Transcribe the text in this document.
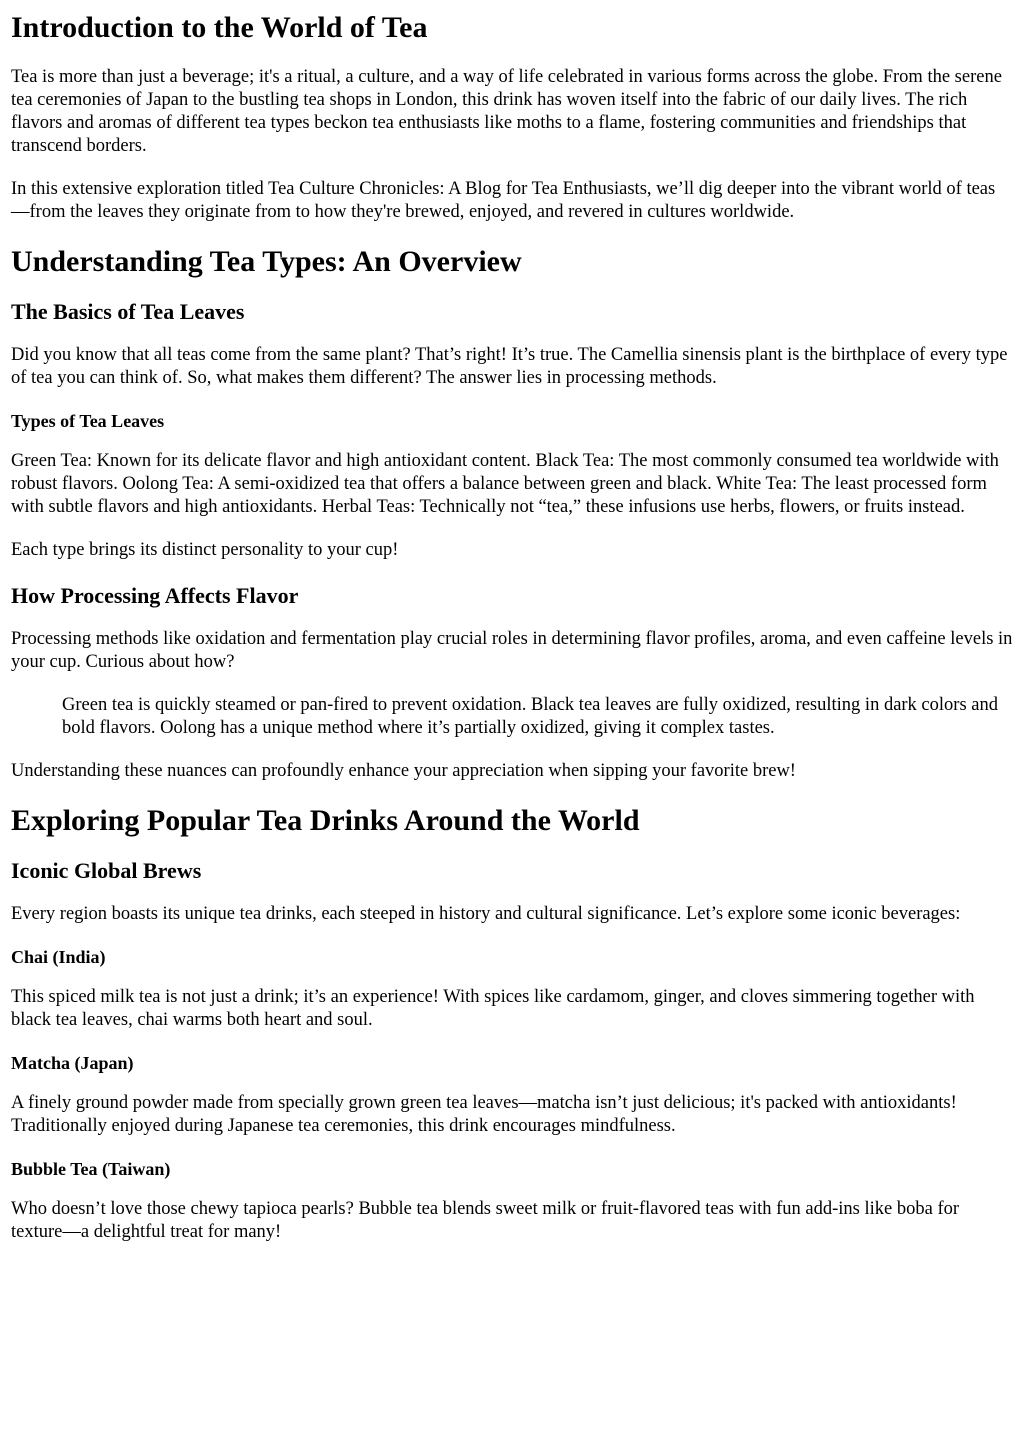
Introduction to the World of Tea

Tea is more than just a beverage; it's a ritual, a culture, and a way of life celebrated in various forms across the globe. From the serene tea ceremonies of Japan to the bustling tea shops in London, this drink has woven itself into the fabric of our daily lives. The rich flavors and aromas of different tea types beckon tea enthusiasts like moths to a flame, fostering communities and friendships that transcend borders.

In this extensive exploration titled Tea Culture Chronicles: A Blog for Tea Enthusiasts, we’ll dig deeper into the vibrant world of teas—from the leaves they originate from to how they're brewed, enjoyed, and revered in cultures worldwide.

Understanding Tea Types: An Overview
The Basics of Tea Leaves

Did you know that all teas come from the same plant? That’s right! It’s true. The Camellia sinensis plant is the birthplace of every type of tea you can think of. So, what makes them different? The answer lies in processing methods.

Types of Tea Leaves

Green Tea: Known for its delicate flavor and high antioxidant content. Black Tea: The most commonly consumed tea worldwide with robust flavors. Oolong Tea: A semi-oxidized tea that offers a balance between green and black. White Tea: The least processed form with subtle flavors and high antioxidants. Herbal Teas: Technically not “tea,” these infusions use herbs, flowers, or fruits instead.

Each type brings its distinct personality to your cup!

How Processing Affects Flavor

Processing methods like oxidation and fermentation play crucial roles in determining flavor profiles, aroma, and even caffeine levels in your cup. Curious about how?

Green tea is quickly steamed or pan-fired to prevent oxidation. Black tea leaves are fully oxidized, resulting in dark colors and bold flavors. Oolong has a unique method where it’s partially oxidized, giving it complex tastes.

Understanding these nuances can profoundly enhance your appreciation when sipping your favorite brew!

Exploring Popular Tea Drinks Around the World
Iconic Global Brews

Every region boasts its unique tea drinks, each steeped in history and cultural significance. Let’s explore some iconic beverages:

Chai (India)

This spiced milk tea is not just a drink; it’s an experience! With spices like cardamom, ginger, and cloves simmering together with black tea leaves, chai warms both heart and soul.

Matcha (Japan)

A finely ground powder made from specially grown green tea leaves—matcha isn’t just delicious; it's packed with antioxidants! Traditionally enjoyed during Japanese tea ceremonies, this drink encourages mindfulness.

Bubble Tea (Taiwan)

Who doesn’t love those chewy tapioca pearls? Bubble tea blends sweet milk or fruit-flavored teas with fun add-ins like boba for texture—a delightful treat for many!
